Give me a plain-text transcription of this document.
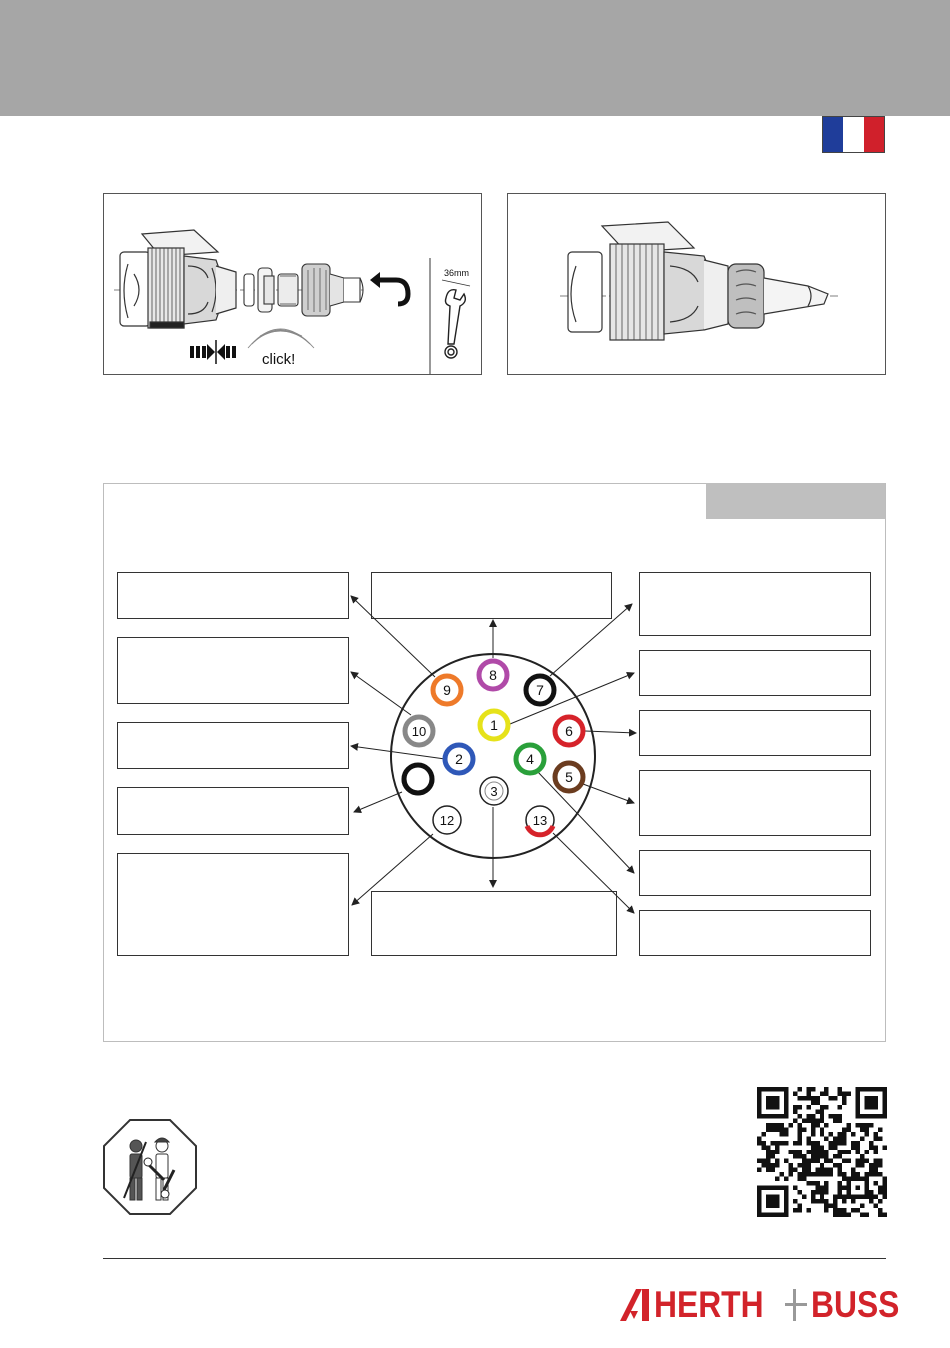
36mm
click!
8
9	7
10	1	6
2	4
5
3
12	13
HERTH BUSS
